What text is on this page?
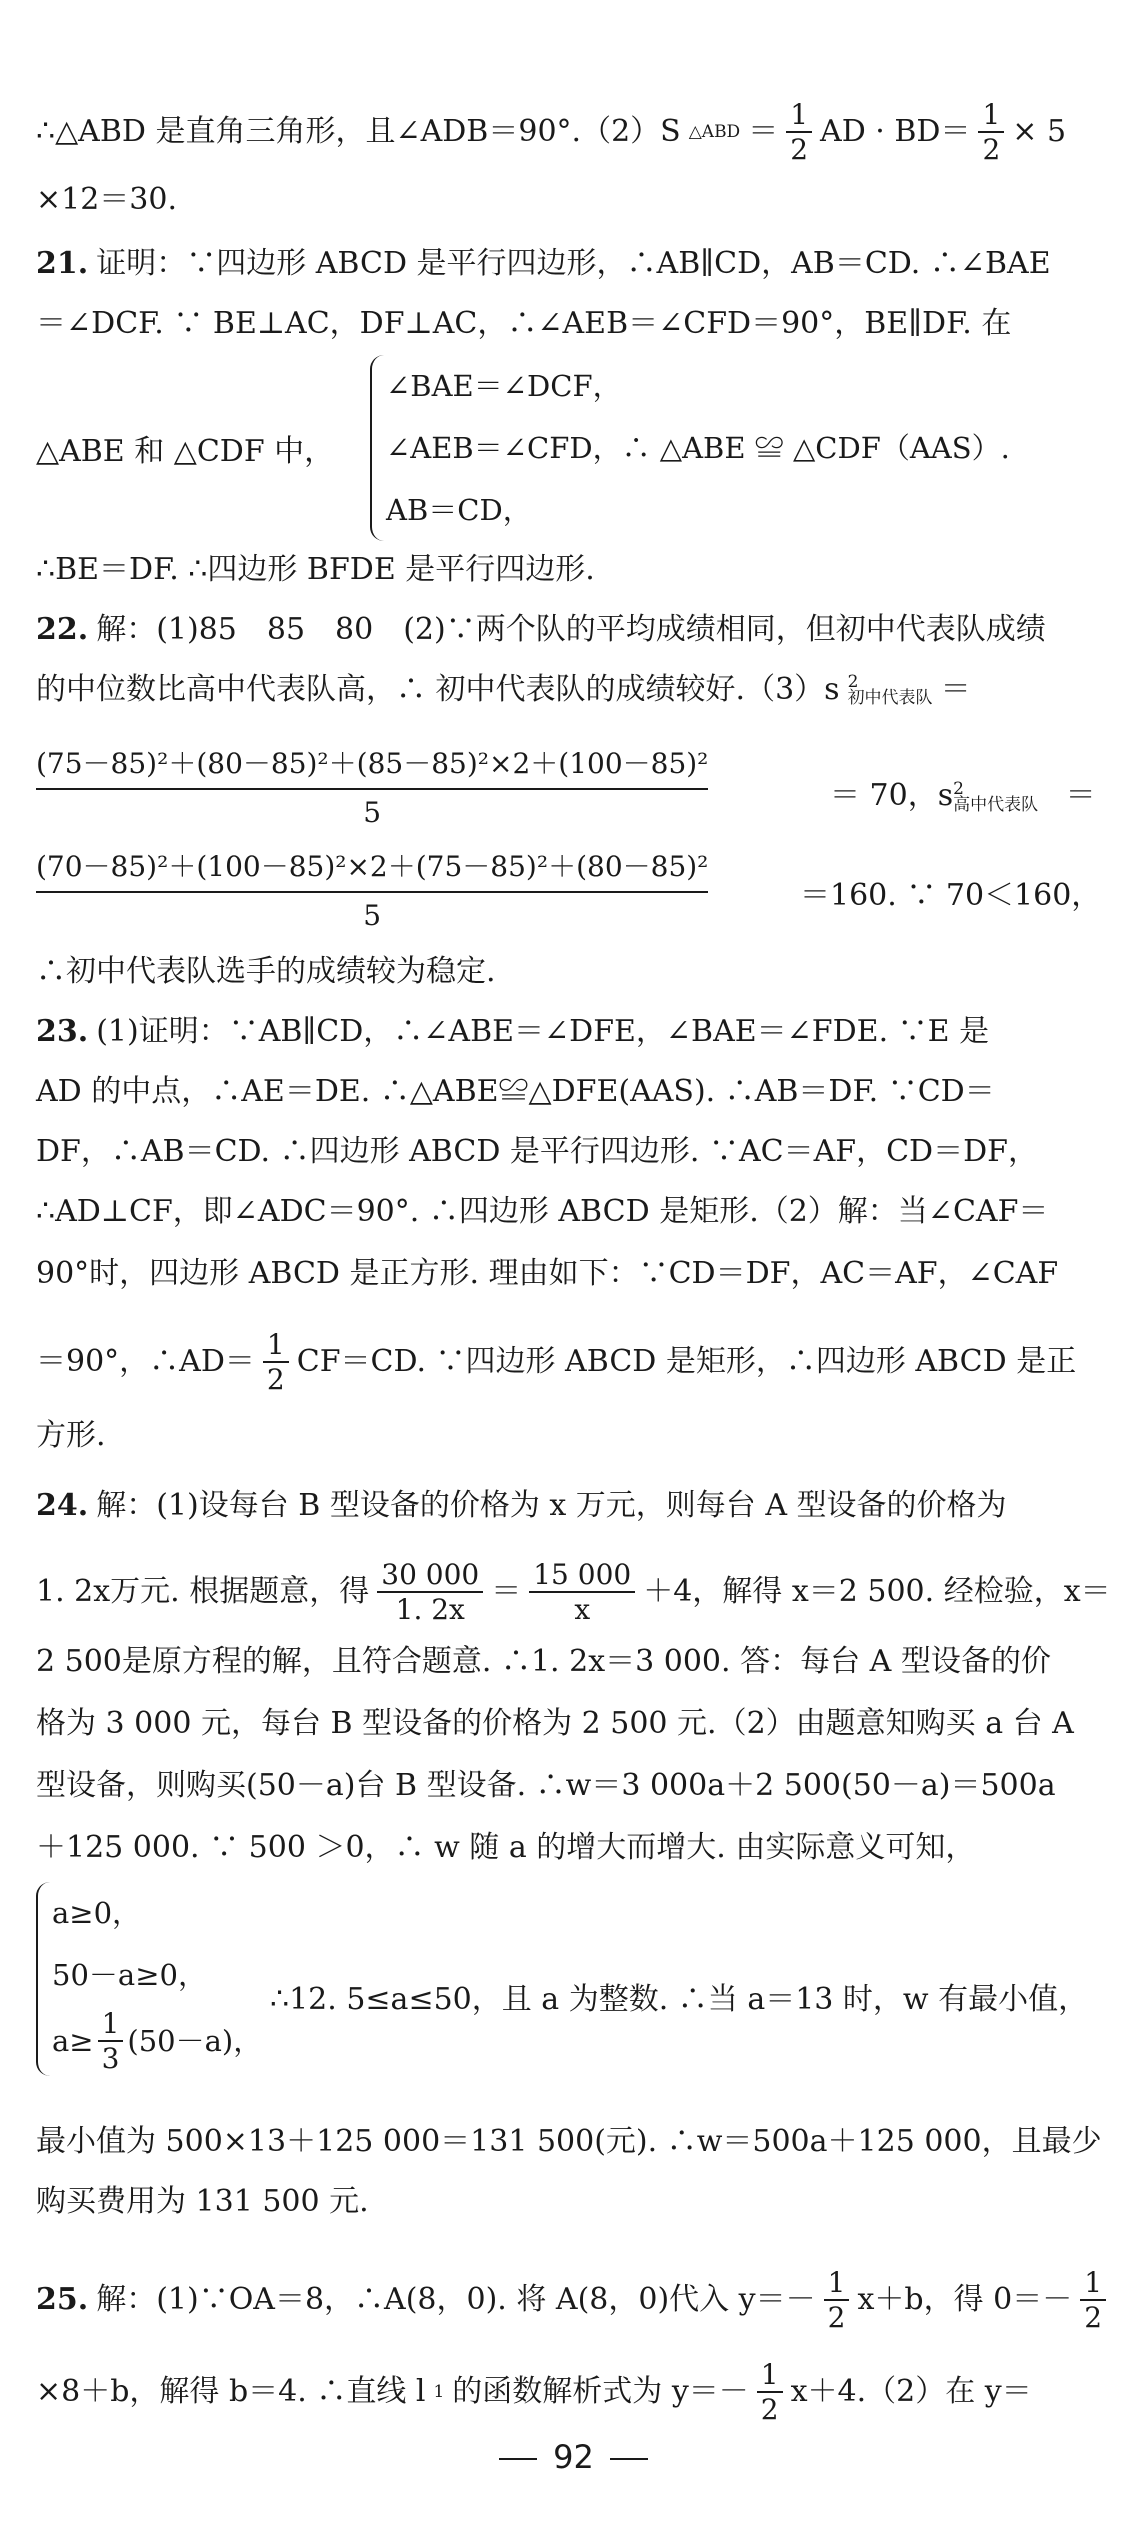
∴△ABD 是直角三角形，且∠ADB＝90°.（2）S △ABD ＝ $\frac{1}{2}$ AD · $BD= \frac{1}{2} \times 5$
×12＝30.
21. 证明：∵四边形 ABCD 是平行四边形，∴AB∥CD，AB＝CD. ∴∠BAE
＝∠DCF. ∵ BE⊥AC，DF⊥AC，∴∠AEB＝∠CFD＝90°，BE∥DF. 在
△ABE 和 △CDF 中，
∠BAE＝∠DCF，
∠AEB＝∠CFD，∴ △ABE ≌ △CDF（AAS）.
AB＝CD，
∴BE＝DF. ∴四边形 BFDE 是平行四边形.
22. 解：(1)85　85　80　(2)∵两个队的平均成绩相同，但初中代表队成绩
的中位数比高中代表队高，∴ 初中代表队的成绩较好.（3）s 2
初中代表队 ＝
$\frac{\text{(75－85)²＋(80－85)²＋(85－85)²×2＋(100－85)²}}{5}$	＝ 70，s 2
高中代表队 ＝
$\frac{\text{(70－85)²＋(100－85)²×2＋(75－85)²＋(80－85)²}}{5}$	＝160. ∵ 70＜160，
∴初中代表队选手的成绩较为稳定.
23. (1)证明：∵AB∥CD，∴∠ABE＝∠DFE，∠BAE＝∠FDE. ∵E 是
AD 的中点，∴AE＝DE. ∴△ABE≌△DFE(AAS). ∴AB＝DF. ∵CD＝
DF，∴AB＝CD. ∴四边形 ABCD 是平行四边形. ∵AC＝AF，CD＝DF，
∴AD⊥CF，即∠ADC＝90°. ∴四边形 ABCD 是矩形.（2）解：当∠CAF＝
90°时，四边形 ABCD 是正方形. 理由如下：∵CD＝DF，AC＝AF，∠CAF
＝90°，∴AD＝ $\frac{1}{2} CF=CD$. ∵四边形 ABCD 是矩形，∴四边形 ABCD 是正
方形.
24. 解：(1)设每台 B 型设备的价格为 x 万元，则每台 A 型设备的价格为
1. 2x万元. 根据题意，得 $\frac{30 000}{1. 2x} = \frac{15 000}{x} +4$，解得 x＝2 500. 经检验，x＝
2 500是原方程的解，且符合题意. ∴1. 2x＝3 000. 答：每台 A 型设备的价
格为 3 000 元，每台 B 型设备的价格为 2 500 元.（2）由题意知购买 a 台 A
型设备，则购买(50－a)台 B 型设备. ∴w＝3 000a＋2 500(50－a)＝500a
＋125 000. ∵ 500 ＞0，∴ w 随 a 的增大而增大. 由实际意义可知，
a≥0，
50－a≥0，
$a\ge \frac{1}{3} (50-a)$，
∴12. 5≤a≤50，且 a 为整数. ∴当 a＝13 时，w 有最小值，
最小值为 500×13＋125 000＝131 500(元). ∴w＝500a＋125 000，且最少
购买费用为 131 500 元.
25. 解：(1)∵OA＝8，∴A(8，0). 将 A(8，0)代入 $y=- \frac{1}{2} x+b$，得 $0=- \frac{1}{2}$
×8＋b，解得 b＝4. ∴直线 l 1 的函数解析式为 $y=- \frac{1}{2} x+4.(2)$在 y＝
92
